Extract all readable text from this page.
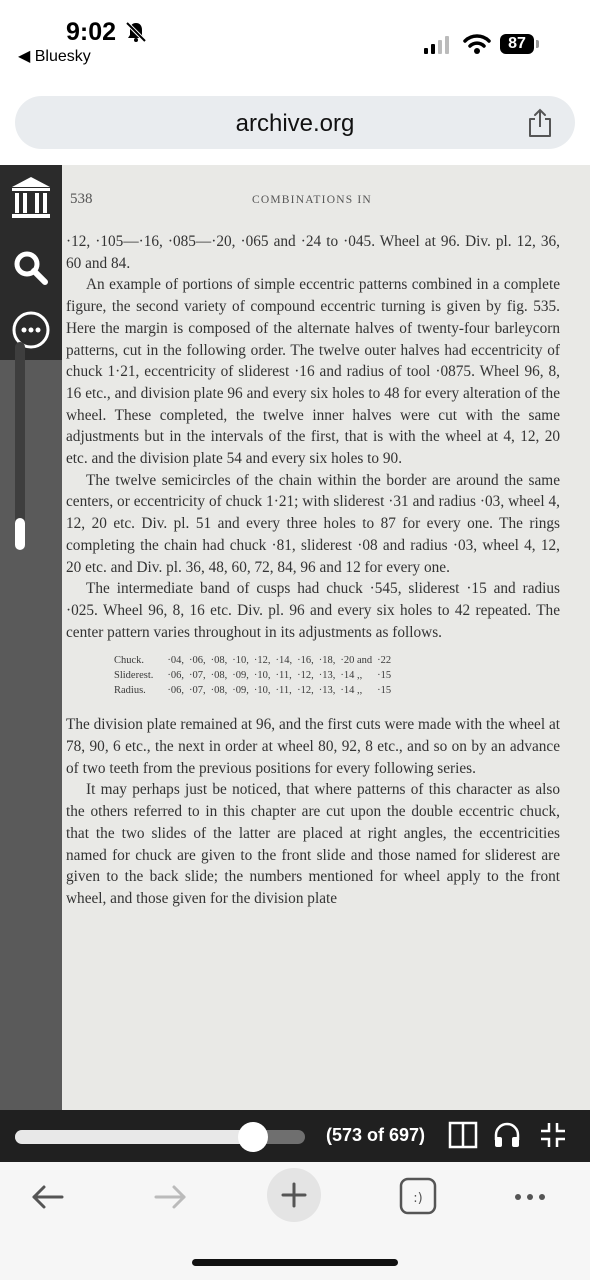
9:02
◀ Bluesky
87
archive.org
538	COMBINATIONS IN

·12, ·105—·16, ·085—·20, ·065 and ·24 to ·045. Wheel at 96. Div. pl. 12, 36, 60 and 84.

An example of portions of simple eccentric patterns combined in a complete figure, the second variety of compound eccentric turning is given by fig. 535. Here the margin is composed of the alternate halves of twenty-four barleycorn patterns, cut in the following order. The twelve outer halves had eccentricity of chuck 1·21, eccentricity of sliderest ·16 and radius of tool ·0875. Wheel 96, 8, 16 etc., and division plate 96 and every six holes to 48 for every alteration of the wheel. These completed, the twelve inner halves were cut with the same adjustments but in the intervals of the first, that is with the wheel at 4, 12, 20 etc. and the division plate 54 and every six holes to 90.

The twelve semicircles of the chain within the border are around the same centers, or eccentricity of chuck 1·21; with sliderest ·31 and radius ·03, wheel 4, 12, 20 etc. Div. pl. 51 and every three holes to 87 for every one. The rings completing the chain had chuck ·81, sliderest ·08 and radius ·03, wheel 4, 12, 20 etc. and Div. pl. 36, 48, 60, 72, 84, 96 and 12 for every one.

The intermediate band of cusps had chuck ·545, sliderest ·15 and radius ·025. Wheel 96, 8, 16 etc. Div. pl. 96 and every six holes to 42 repeated. The center pattern varies throughout in its adjustments as follows.

Chuck.	·04,	·06,	·08,	·10,	·12,	·14,	·16,	·18,	·20 and	·22
Sliderest.	·06,	·07,	·08,	·09,	·10,	·11,	·12,	·13,	·14 ,,	·15
Radius.	·06,	·07,	·08,	·09,	·10,	·11,	·12,	·13,	·14 ,,	·15

The division plate remained at 96, and the first cuts were made with the wheel at 78, 90, 6 etc., the next in order at wheel 80, 92, 8 etc., and so on by an advance of two teeth from the previous positions for every following series.

It may perhaps just be noticed, that where patterns of this character as also the others referred to in this chapter are cut upon the double eccentric chuck, that the two slides of the latter are placed at right angles, the eccentricities named for chuck are given to the front slide and those named for sliderest are given to the back slide; the numbers mentioned for wheel apply to the front wheel, and those given for the division plate

(573 of 697)
:)
